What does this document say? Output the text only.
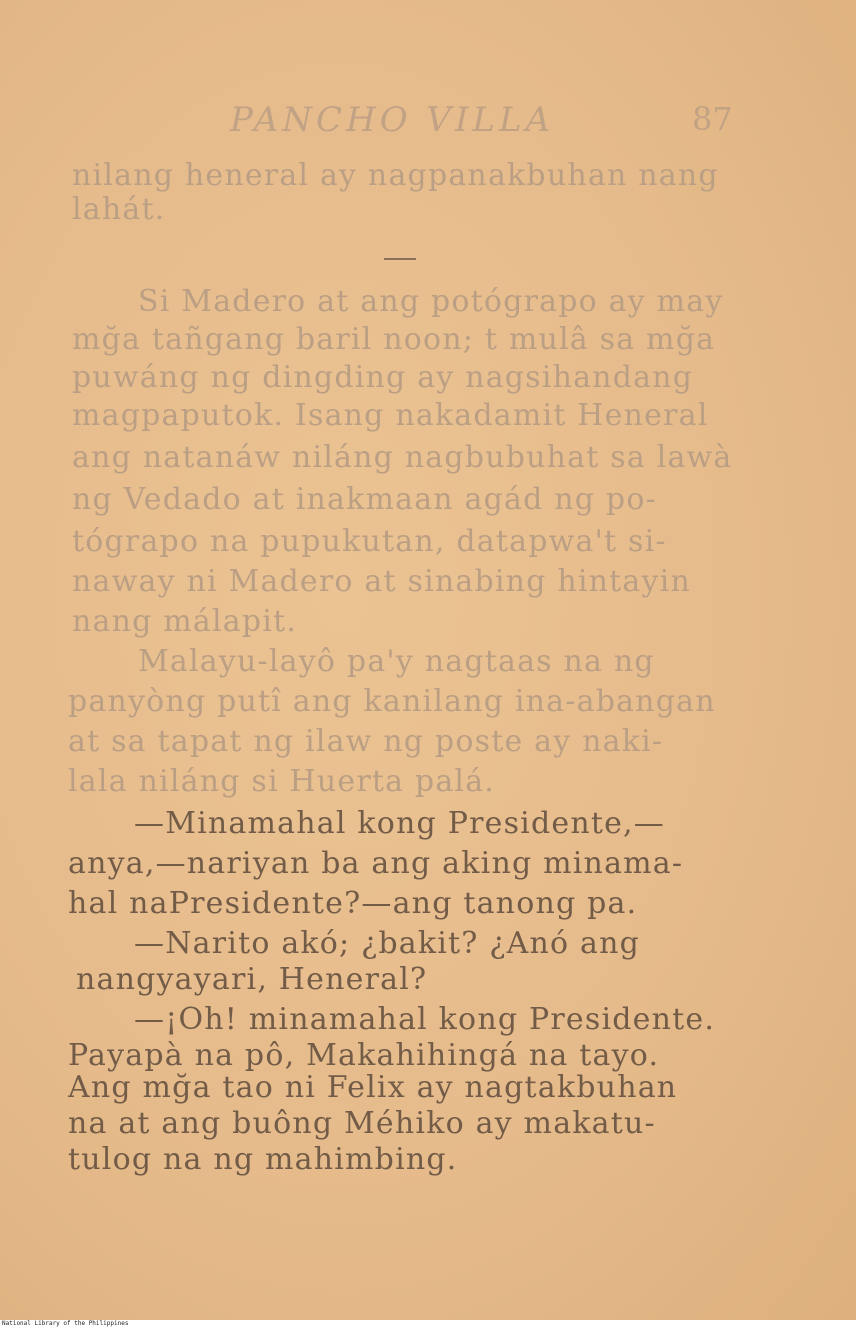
PANCHO VILLA	87
nilang heneral ay nagpanakbuhan nang
lahát.
Si Madero at ang potógrapo ay may
mğa tañgang baril noon; t mulâ sa mğa
puwáng ng dingding ay nagsihandang
magpaputok. Isang nakadamit Heneral
ang natanáw niláng nagbubuhat sa lawà
ng Vedado at inakmaan agád ng po-
tógrapo na pupukutan, datapwa't si-
naway ni Madero at sinabing hintayin
nang málapit.
Malayu-layô pa'y nagtaas na ng
panyòng putî ang kanilang ina-abangan
at sa tapat ng ilaw ng poste ay naki-
lala niláng si Huerta palá.
—Minamahal kong Presidente,—
anya,—nariyan ba ang aking minama-
hal naPresidente?—ang tanong pa.
—Narito akó; ¿bakit? ¿Anó ang
nangyayari, Heneral?
—¡Oh! minamahal kong Presidente.
Payapà na pô, Makahihingá na tayo.
Ang mğa tao ni Felix ay nagtakbuhan
na at ang buông Méhiko ay makatu-
tulog na ng mahimbing.
National Library of the Philippines
